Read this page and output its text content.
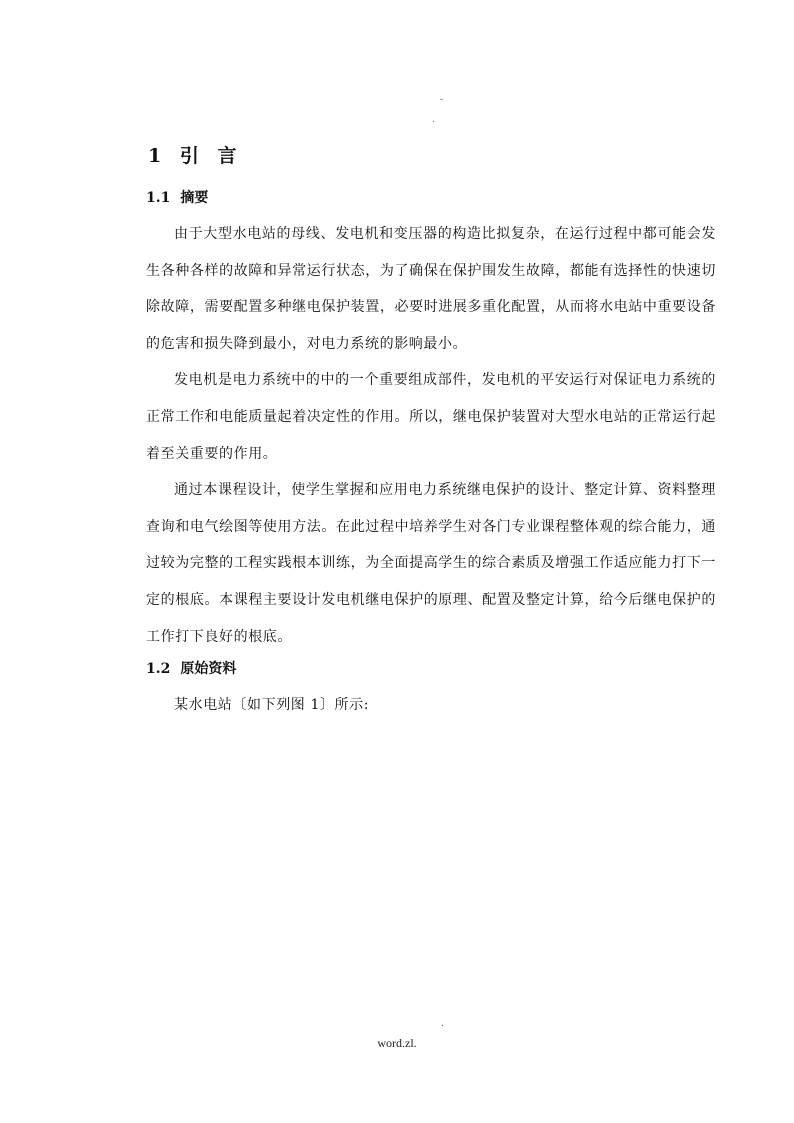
-
.
1 引 言
1.1 摘要

由于大型水电站的母线、发电机和变压器的构造比拟复杂，在运行过程中都可能会发生各种各样的故障和异常运行状态，为了确保在保护围发生故障，都能有选择性的快速切除故障，需要配置多种继电保护装置，必要时进展多重化配置，从而将水电站中重要设备的危害和损失降到最小，对电力系统的影响最小。

发电机是电力系统中的中的一个重要组成部件，发电机的平安运行对保证电力系统的正常工作和电能质量起着决定性的作用。所以，继电保护装置对大型水电站的正常运行起着至关重要的作用。

通过本课程设计，使学生掌握和应用电力系统继电保护的设计、整定计算、资料整理查询和电气绘图等使用方法。在此过程中培养学生对各门专业课程整体观的综合能力，通过较为完整的工程实践根本训练，为全面提高学生的综合素质及增强工作适应能力打下一定的根底。本课程主要设计发电机继电保护的原理、配置及整定计算，给今后继电保护的工作打下良好的根底。

1.2 原始资料

某水电站〔如下列图 1〕所示:

.
word.zl.
